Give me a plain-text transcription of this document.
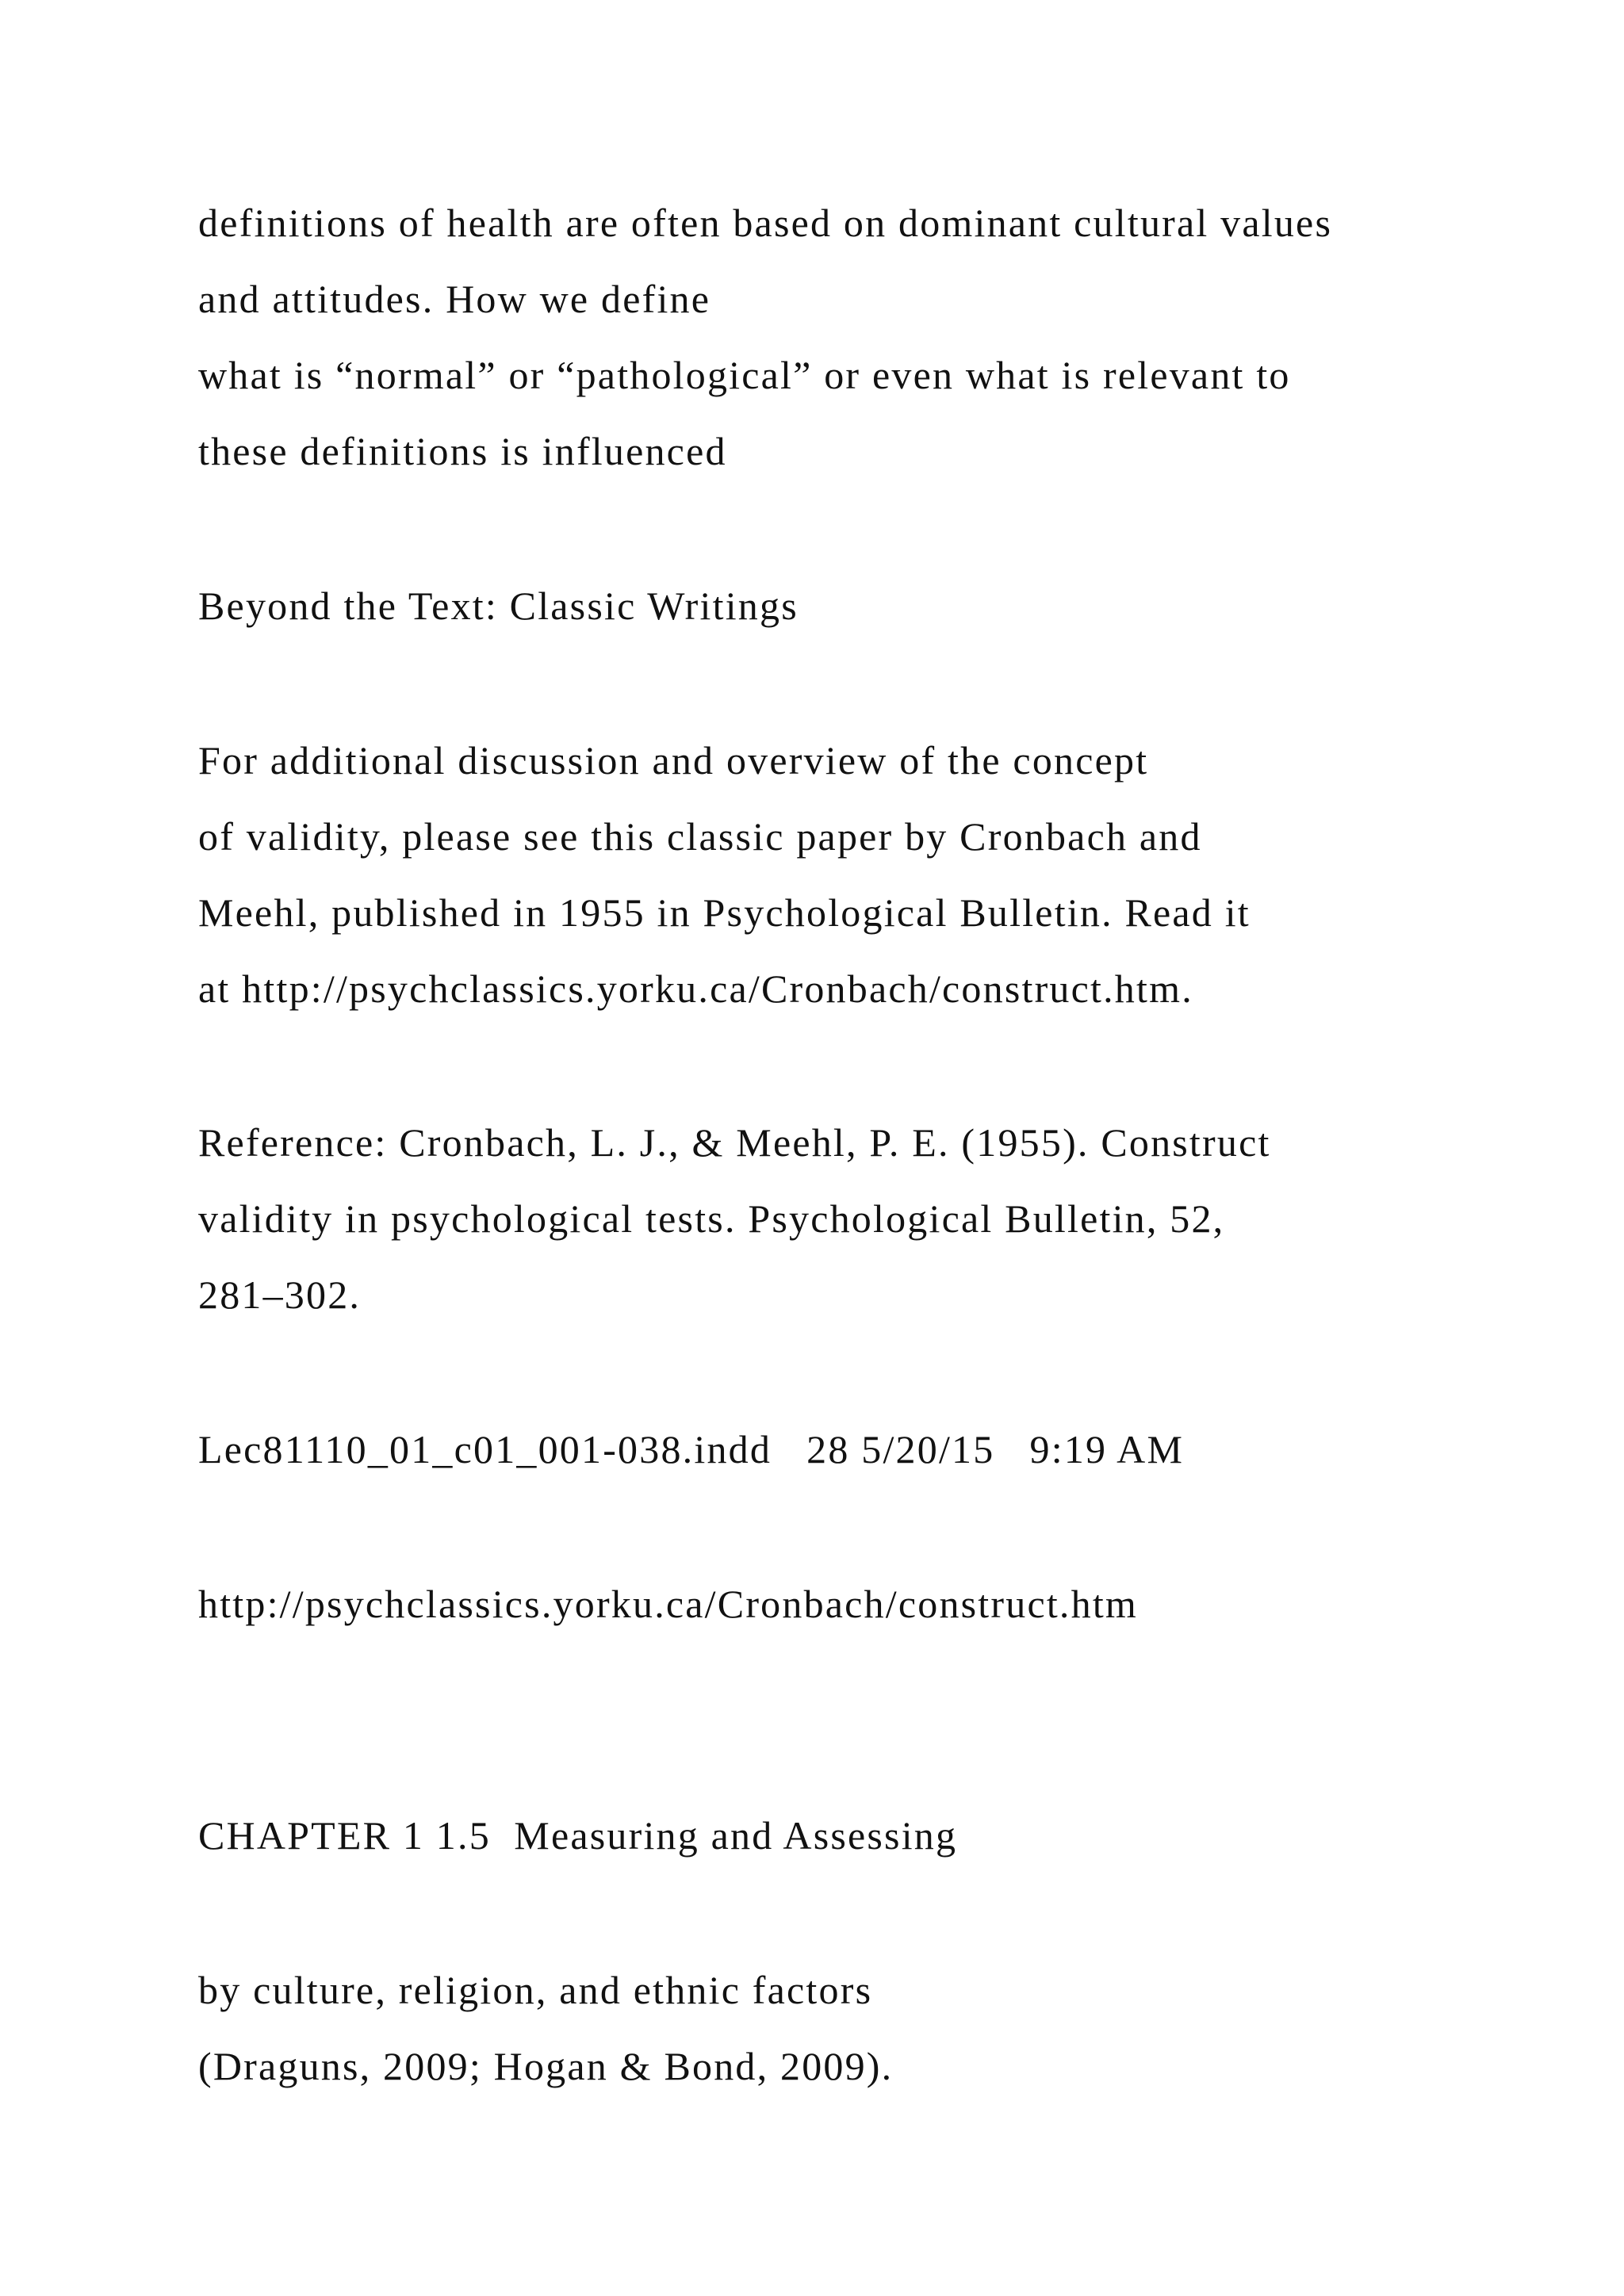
definitions of health are often based on dominant cultural values

and attitudes. How we define

what is “normal” or “pathological” or even what is relevant to

these definitions is influenced

Beyond the Text: Classic Writings

For additional discussion and overview of the concept

of validity, please see this classic paper by Cronbach and

Meehl, published in 1955 in Psychological Bulletin. Read it

at http://psychclassics.yorku.ca/Cronbach/construct.htm.

Reference: Cronbach, L. J., & Meehl, P. E. (1955). Construct

validity in psychological tests. Psychological Bulletin, 52,

281–302.

Lec81110_01_c01_001-038.indd   28 5/20/15   9:19 AM

http://psychclassics.yorku.ca/Cronbach/construct.htm

CHAPTER 1 1.5  Measuring and Assessing

by culture, religion, and ethnic factors

(Draguns, 2009; Hogan & Bond, 2009).
